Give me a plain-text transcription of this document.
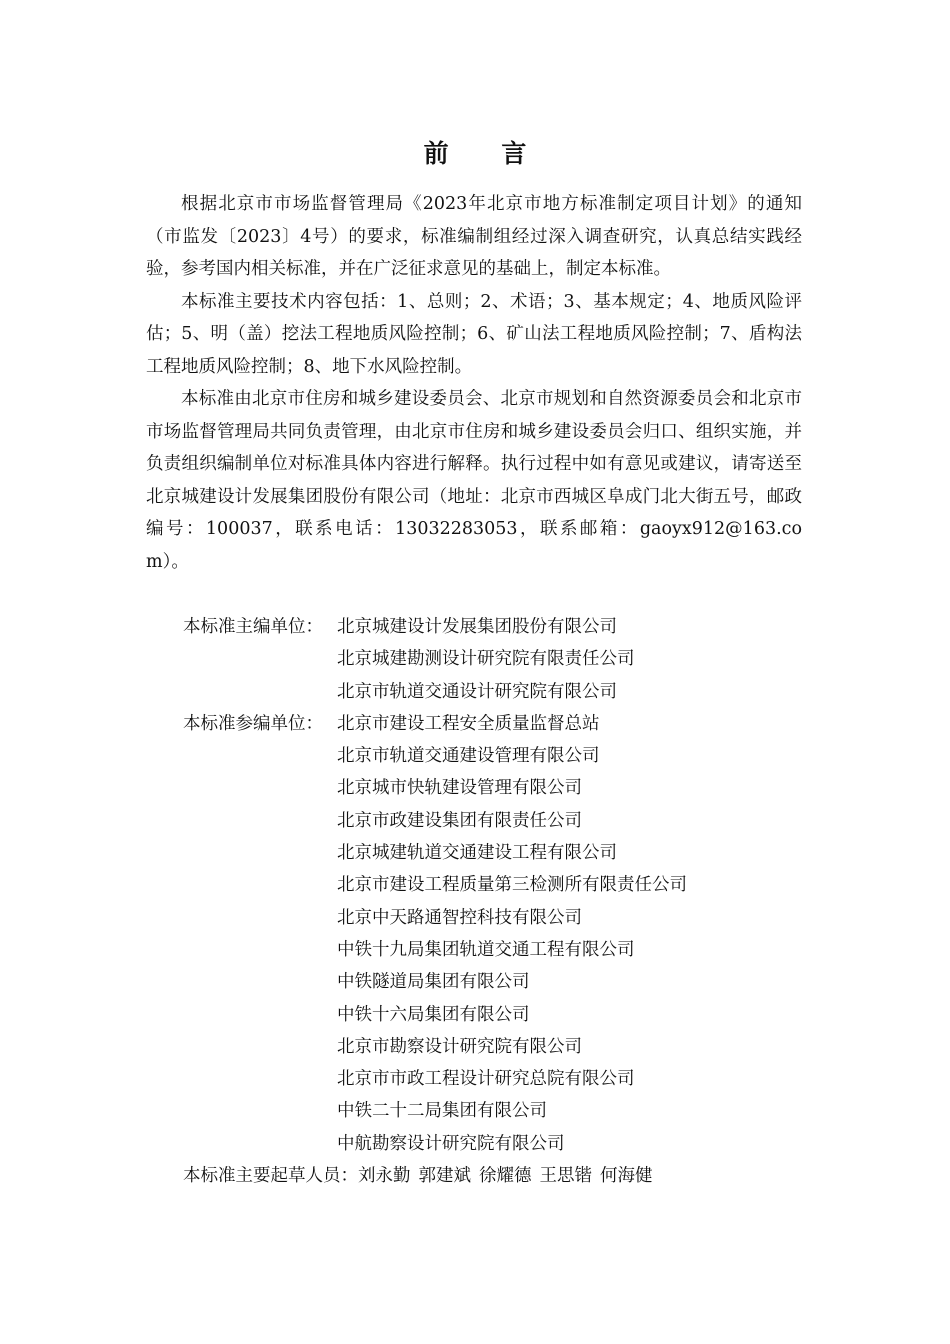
前 言

根据北京市市场监督管理局《2023年北京市地方标准制定项目计划》的通知（市监发〔2023〕4号）的要求，标准编制组经过深入调查研究，认真总结实践经验，参考国内相关标准，并在广泛征求意见的基础上，制定本标准。

本标准主要技术内容包括：1、总则；2、术语；3、基本规定；4、地质风险评估；5、明（盖）挖法工程地质风险控制；6、矿山法工程地质风险控制；7、盾构法工程地质风险控制；8、地下水风险控制。

本标准由北京市住房和城乡建设委员会、北京市规划和自然资源委员会和北京市市场监督管理局共同负责管理，由北京市住房和城乡建设委员会归口、组织实施，并负责组织编制单位对标准具体内容进行解释。执行过程中如有意见或建议，请寄送至北京城建设计发展集团股份有限公司（地址：北京市西城区阜成门北大街五号，邮政编号：100037，联系电话：13032283053，联系邮箱：gaoyx912@163.com）。

本标准主编单位： 北京城建设计发展集团股份有限公司
北京城建勘测设计研究院有限责任公司
北京市轨道交通设计研究院有限公司
本标准参编单位： 北京市建设工程安全质量监督总站
北京市轨道交通建设管理有限公司
北京城市快轨建设管理有限公司
北京市政建设集团有限责任公司
北京城建轨道交通建设工程有限公司
北京市建设工程质量第三检测所有限责任公司
北京中天路通智控科技有限公司
中铁十九局集团轨道交通工程有限公司
中铁隧道局集团有限公司
中铁十六局集团有限公司
北京市勘察设计研究院有限公司
北京市市政工程设计研究总院有限公司
中铁二十二局集团有限公司
中航勘察设计研究院有限公司
本标准主要起草人员： 刘永勤 郭建斌 徐耀德 王思锴 何海健
